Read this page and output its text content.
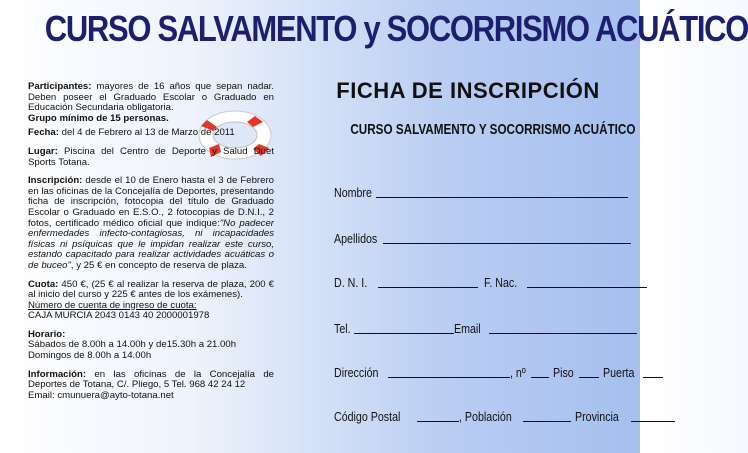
CURSO SALVAMENTO y SOCORRISMO ACUÁTICO

Participantes: mayores de 16 años que sepan nadar. Deben poseer el Graduado Escolar o Graduado en Educación Secundaria obligatoria.
Grupo mínimo de 15 personas.

Fecha: del 4 de Febrero al 13 de Marzo de 2011

Lugar: Piscina del Centro de Deporte y Salud Duet Sports Totana.

Inscripción: desde el 10 de Enero hasta el 3 de Febrero en las oficinas de la Concejalía de Deportes, presentando ficha de inscripción, fotocopia del título de Graduado Escolar o Graduado en E.S.O., 2 fotocopias de D.N.I., 2 fotos, certificado médico oficial que indique:"No padecer enfermedades infecto-contagiosas, ni incapacidades físicas ni psíquicas que le impidan realizar este curso, estando capacitado para realizar actividades acuáticas o de buceo", y 25 € en concepto de reserva de plaza.

Cuota: 450 €, (25 € al realizar la reserva de plaza, 200 € al inicio del curso y 225 € antes de los exámenes).
Número de cuenta de ingreso de cuota:
CAJA MURCIA 2043 0143 40 2000001978

Horario:
Sábados de 8.00h a 14.00h y de15.30h a 21.00h
Domingos de 8.00h a 14.00h

Información: en las oficinas de la Concejalía de Deportes de Totana, C/. Pliego, 5 Tel. 968 42 24 12
Email: cmunuera@ayto-totana.net

FICHA DE INSCRIPCIÓN
CURSO SALVAMENTO Y SOCORRISMO ACUÁTICO
Nombre
Apellidos
D. N. I.	F. Nac.
Tel.	Email
Dirección	, nº Piso Puerta
Código Postal	, Población	Provincia
